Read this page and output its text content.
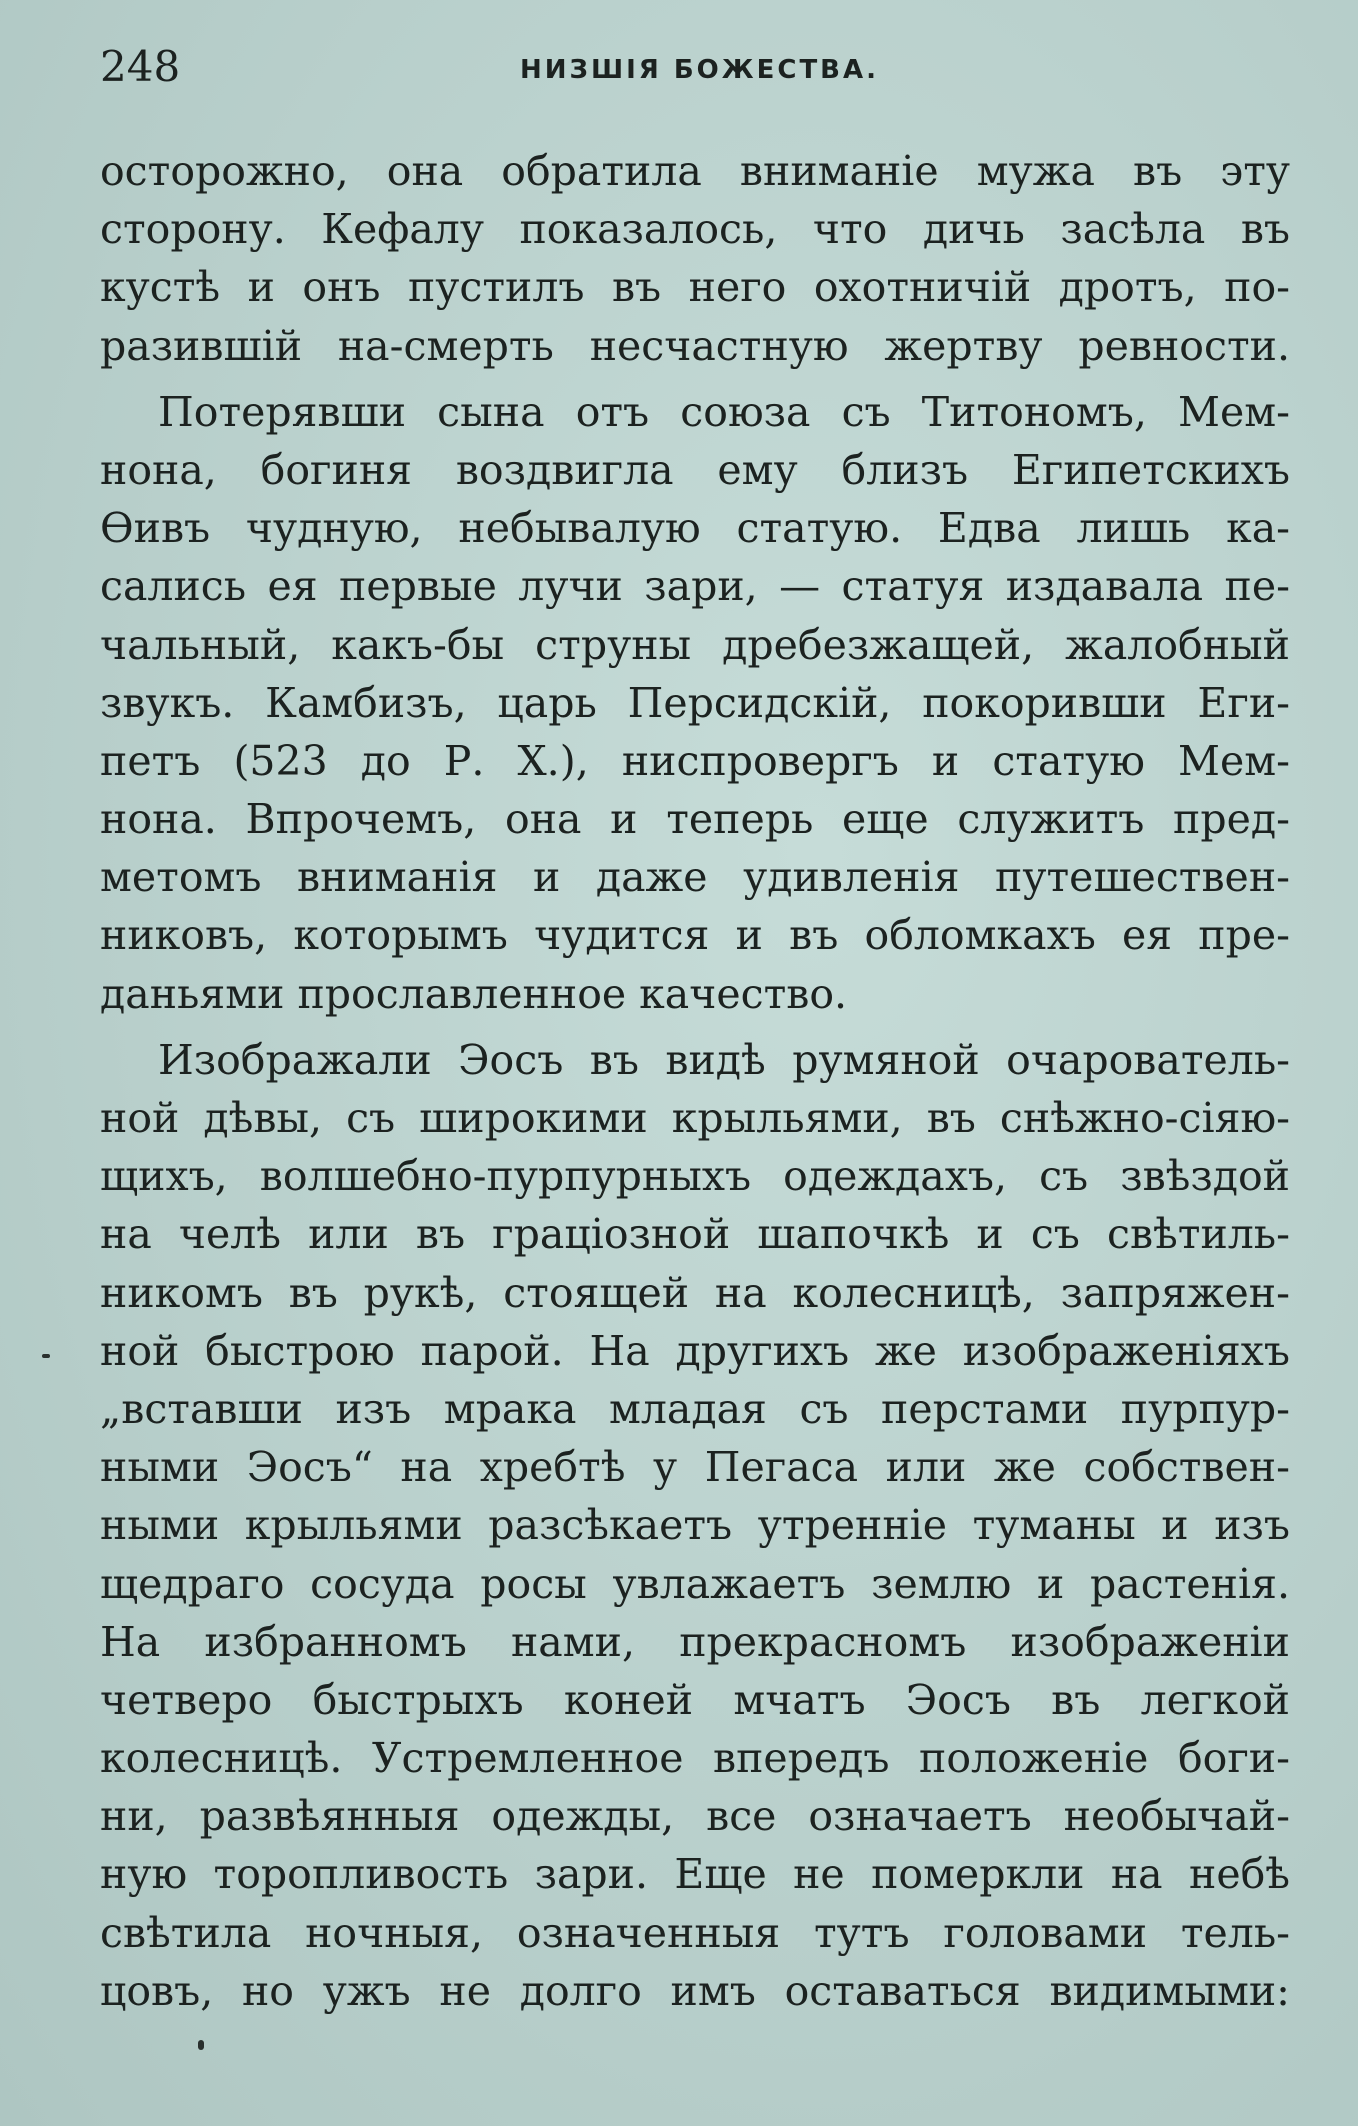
248	НИЗШІЯ БОЖЕСТВА.
осторожно, она обратила вниманіе мужа въ эту
сторону. Кефалу показалось, что дичь засѣла въ
кустѣ и онъ пустилъ въ него охотничій дротъ, по-
разившій на-смерть несчастную жертву ревности.
Потерявши сына отъ союза съ Титономъ, Мем-
нона, богиня воздвигла ему близъ Египетскихъ
Ѳивъ чудную, небывалую статую. Едва лишь ка-
сались ея первые лучи зари, — статуя издавала пе-
чальный, какъ-бы струны дребезжащей, жалобный
звукъ. Камбизъ, царь Персидскій, покоривши Еги-
петъ (523 до Р. Х.), ниспровергъ и статую Мем-
нона. Впрочемъ, она и теперь еще служитъ пред-
метомъ вниманія и даже удивленія путешествен-
никовъ, которымъ чудится и въ обломкахъ ея пре-
даньями прославленное качество.
Изображали Эосъ въ видѣ румяной очарователь-
ной дѣвы, съ широкими крыльями, въ снѣжно-сіяю-
щихъ, волшебно-пурпурныхъ одеждахъ, съ звѣздой
на челѣ или въ граціозной шапочкѣ и съ свѣтиль-
никомъ въ рукѣ, стоящей на колесницѣ, запряжен-
ной быстрою парой. На другихъ же изображеніяхъ
„вставши изъ мрака младая съ перстами пурпур-
ными Эосъ“ на хребтѣ у Пегаса или же собствен-
ными крыльями разсѣкаетъ утренніе туманы и изъ
щедраго сосуда росы увлажаетъ землю и растенія.
На избранномъ нами, прекрасномъ изображеніи
четверо быстрыхъ коней мчатъ Эосъ въ легкой
колесницѣ. Устремленное впередъ положеніе боги-
ни, развѣянныя одежды, все означаетъ необычай-
ную торопливость зари. Еще не померкли на небѣ
свѣтила ночныя, означенныя тутъ головами тель-
цовъ, но ужъ не долго имъ оставаться видимыми:
